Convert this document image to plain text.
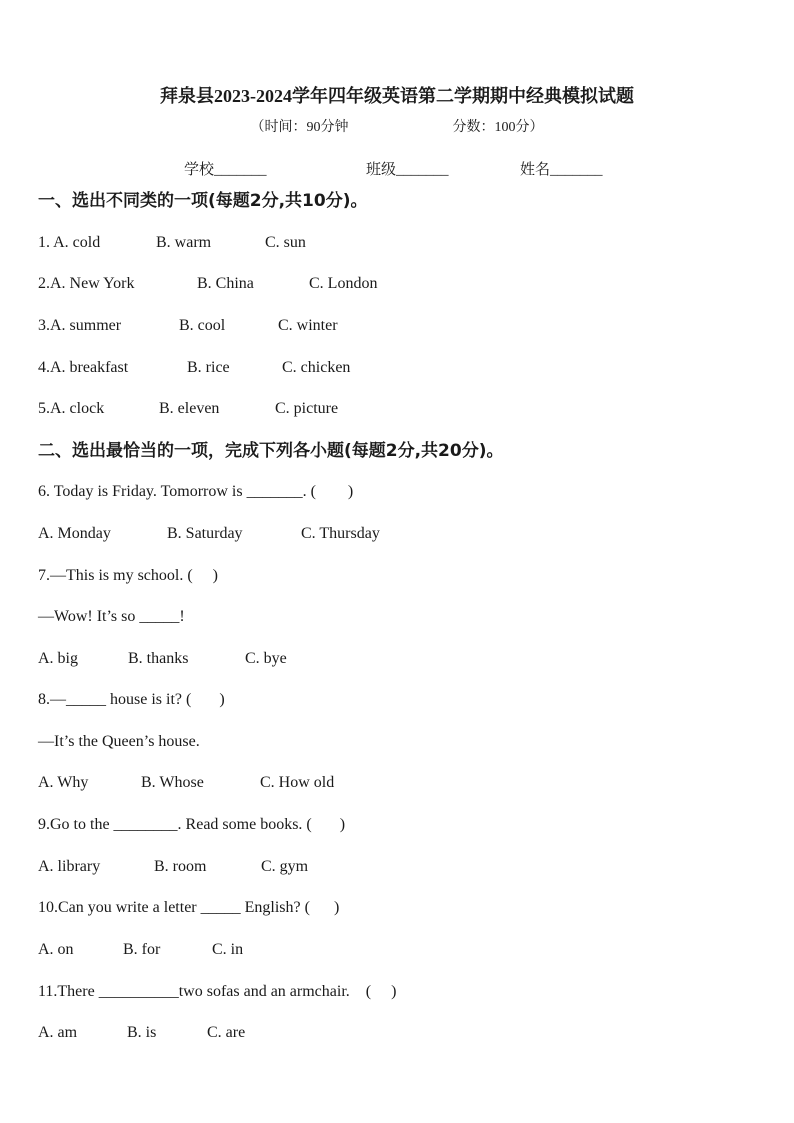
拜泉县2023-2024学年四年级英语第二学期期中经典模拟试题
（时间：90分钟	分数：100分）
学校_______	班级_______	姓名_______
一、选出不同类的一项(每题2分,共10分)。
1. A. cold	B. warm	C. sun
2.A. New York	B. China	C. London
3.A. summer	B. cool	C. winter
4.A. breakfast	B. rice	C. chicken
5.A. clock	B. eleven	C. picture
二、选出最恰当的一项，完成下列各小题(每题2分,共20分)。
6. Today is Friday. Tomorrow is _______. (        )
A. Monday	B. Saturday	C. Thursday
7.—This is my school. (     )
—Wow! It’s so _____!
A. big	B. thanks	C. bye
8.—_____ house is it? (       )
—It’s the Queen’s house.
A. Why	B. Whose	C. How old
9.Go to the ________. Read some books. (       )
A. library	B. room	C. gym
10.Can you write a letter _____ English? (      )
A. on	B. for	C. in
11.There __________two sofas and an armchair.    (     )
A. am	B. is	C. are
